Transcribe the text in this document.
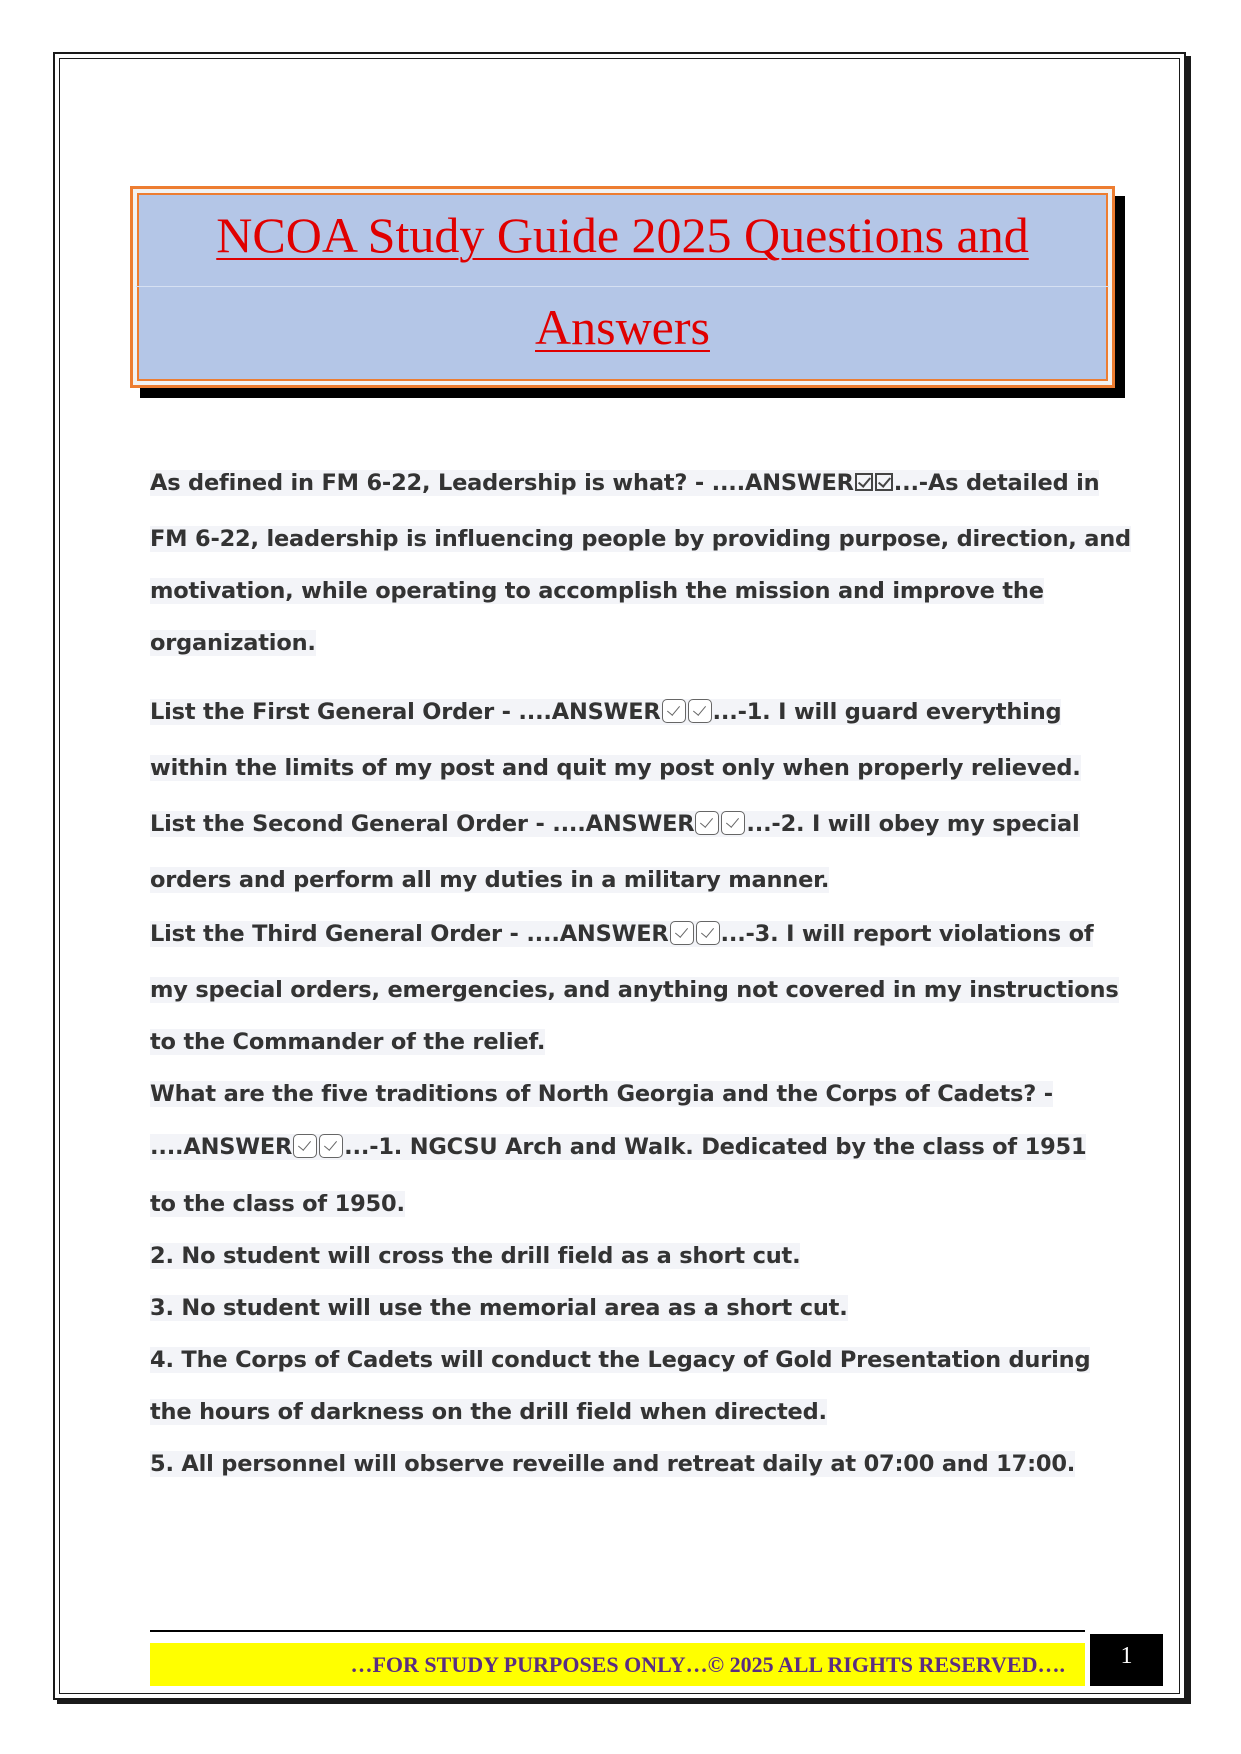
NCOA Study Guide 2025 Questions and
Answers
As defined in FM 6-22, Leadership is what? - ....ANSWER ...-As detailed in
FM 6-22, leadership is influencing people by providing purpose, direction, and
motivation, while operating to accomplish the mission and improve the
organization.
List the First General Order - ....ANSWER ...-1. I will guard everything
within the limits of my post and quit my post only when properly relieved.
List the Second General Order - ....ANSWER ...-2. I will obey my special
orders and perform all my duties in a military manner.
List the Third General Order - ....ANSWER ...-3. I will report violations of
my special orders, emergencies, and anything not covered in my instructions
to the Commander of the relief.
What are the five traditions of North Georgia and the Corps of Cadets? -
....ANSWER ...-1. NGCSU Arch and Walk. Dedicated by the class of 1951
to the class of 1950.
2. No student will cross the drill field as a short cut.
3. No student will use the memorial area as a short cut.
4. The Corps of Cadets will conduct the Legacy of Gold Presentation during
the hours of darkness on the drill field when directed.
5. All personnel will observe reveille and retreat daily at 07:00 and 17:00.
…FOR STUDY PURPOSES ONLY…© 2025 ALL RIGHTS RESERVED….	1
